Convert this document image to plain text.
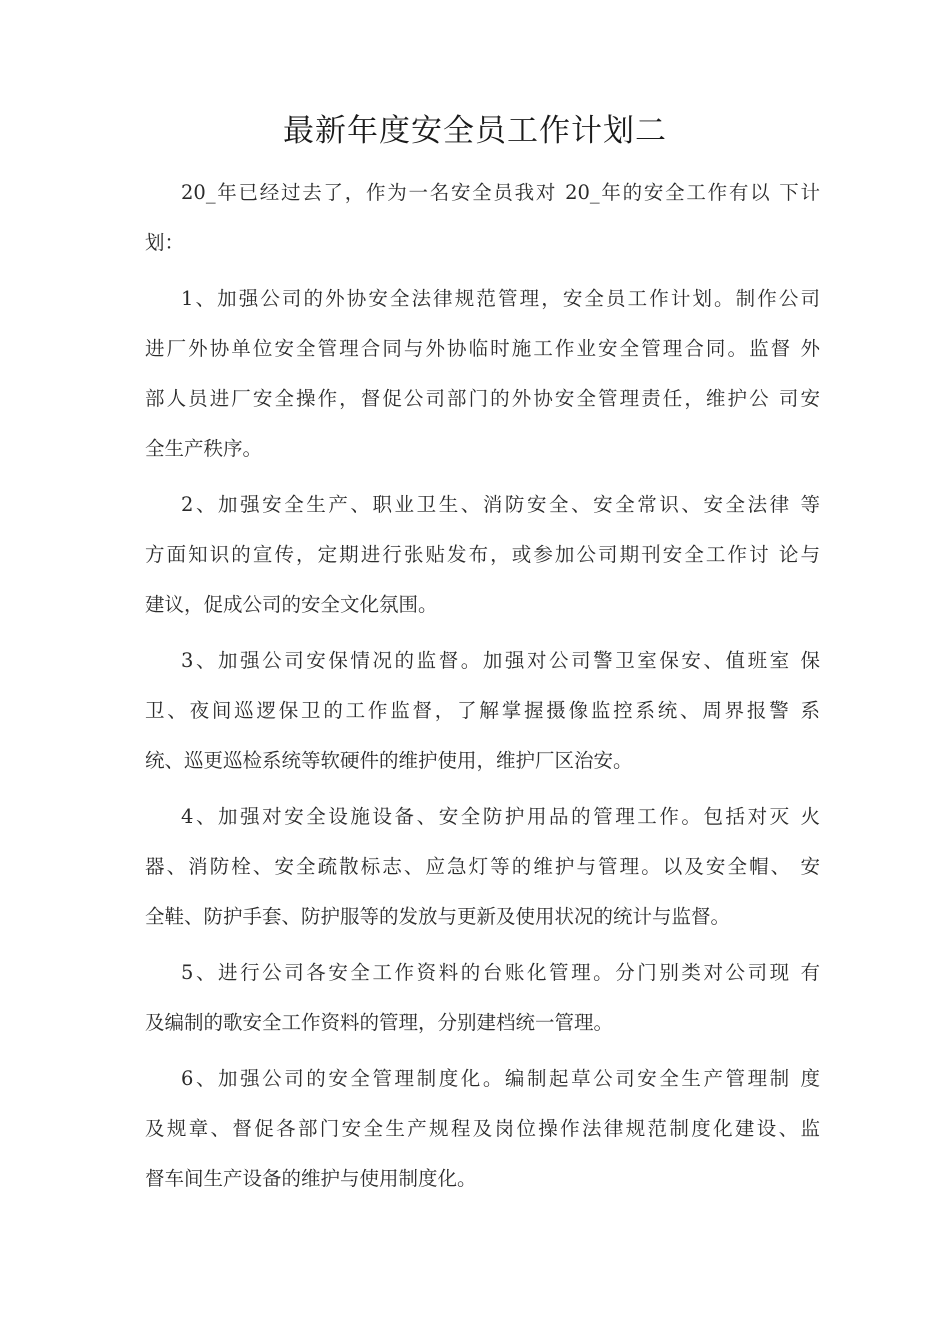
最新年度安全员工作计划二

20_年已经过去了，作为一名安全员我对 20_年的安全工作有以 下计
划：

1、加强公司的外协安全法律规范管理，安全员工作计划。制作公司
进厂外协单位安全管理合同与外协临时施工作业安全管理合同。监督 外
部人员进厂安全操作，督促公司部门的外协安全管理责任，维护公 司安
全生产秩序。

2、加强安全生产、职业卫生、消防安全、安全常识、安全法律 等
方面知识的宣传，定期进行张贴发布，或参加公司期刊安全工作讨 论与
建议，促成公司的安全文化氛围。

3、加强公司安保情况的监督。加强对公司警卫室保安、值班室 保
卫、夜间巡逻保卫的工作监督，了解掌握摄像监控系统、周界报警 系
统、巡更巡检系统等软硬件的维护使用，维护厂区治安。

4、加强对安全设施设备、安全防护用品的管理工作。包括对灭 火
器、消防栓、安全疏散标志、应急灯等的维护与管理。以及安全帽、 安
全鞋、防护手套、防护服等的发放与更新及使用状况的统计与监督。

5、进行公司各安全工作资料的台账化管理。分门别类对公司现 有
及编制的歌安全工作资料的管理，分别建档统一管理。

6、加强公司的安全管理制度化。编制起草公司安全生产管理制 度
及规章、督促各部门安全生产规程及岗位操作法律规范制度化建设、监
督车间生产设备的维护与使用制度化。
